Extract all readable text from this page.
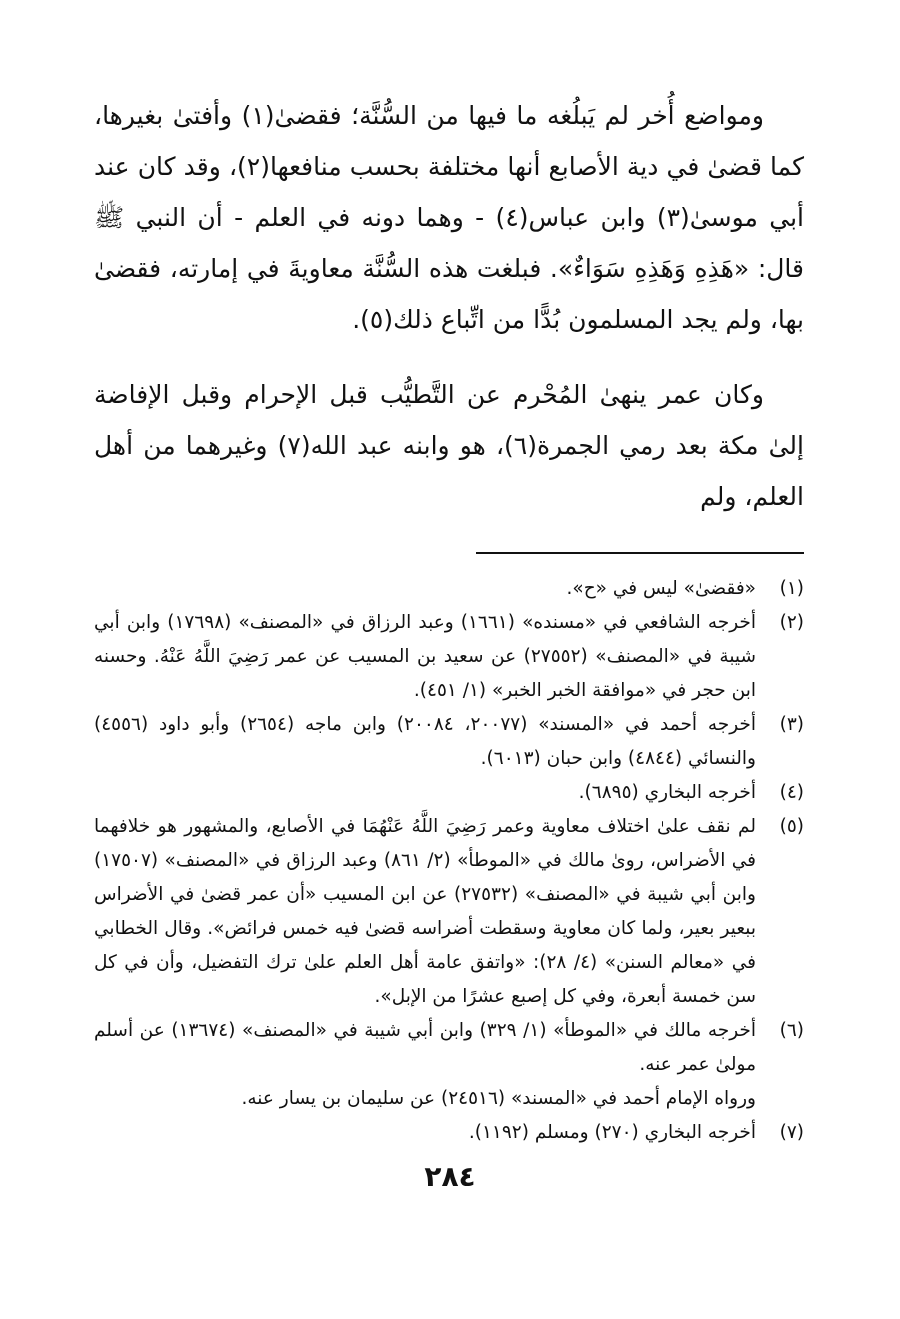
ومواضع أُخر لم يَبلُغه ما فيها من السُّنَّة؛ فقضىٰ(١) وأفتىٰ بغيرها، كما قضىٰ في دية الأصابع أنها مختلفة بحسب منافعها(٢)، وقد كان عند أبي موسىٰ(٣) وابن عباس(٤) - وهما دونه في العلم - أن النبي ﷺ قال: «هَذِهِ وَهَذِهِ سَوَاءٌ». فبلغت هذه السُّنَّة معاويةَ في إمارته، فقضىٰ بها، ولم يجد المسلمون بُدًّا من اتِّباع ذلك(٥).

وكان عمر ينهىٰ المُحْرم عن التَّطيُّب قبل الإحرام وقبل الإفاضة إلىٰ مكة بعد رمي الجمرة(٦)، هو وابنه عبد الله(٧) وغيرهما من أهل العلم، ولم

(١)
«فقضىٰ» ليس في «ح».
(٢)
أخرجه الشافعي في «مسنده» (١٦٦١) وعبد الرزاق في «المصنف» (١٧٦٩٨) وابن أبي شيبة في «المصنف» (٢٧٥٥٢) عن سعيد بن المسيب عن عمر رَضِيَ اللَّهُ عَنْهُ. وحسنه ابن حجر في «موافقة الخبر الخبر» (١/ ٤٥١).
(٣)
أخرجه أحمد في «المسند» (٢٠٠٧٧، ٢٠٠٨٤) وابن ماجه (٢٦٥٤) وأبو داود (٤٥٥٦) والنسائي (٤٨٤٤) وابن حبان (٦٠١٣).
(٤)
أخرجه البخاري (٦٨٩٥).
(٥)
لم نقف علىٰ اختلاف معاوية وعمر رَضِيَ اللَّهُ عَنْهُمَا في الأصابع، والمشهور هو خلافهما في الأضراس، روىٰ مالك في «الموطأ» (٢/ ٨٦١) وعبد الرزاق في «المصنف» (١٧٥٠٧) وابن أبي شيبة في «المصنف» (٢٧٥٣٢) عن ابن المسيب «أن عمر قضىٰ في الأضراس ببعير بعير، ولما كان معاوية وسقطت أضراسه قضىٰ فيه خمس فرائض». وقال الخطابي في «معالم السنن» (٤/ ٢٨): «واتفق عامة أهل العلم علىٰ ترك التفضيل، وأن في كل سن خمسة أبعرة، وفي كل إصبع عشرًا من الإبل».
(٦)
أخرجه مالك في «الموطأ» (١/ ٣٢٩) وابن أبي شيبة في «المصنف» (١٣٦٧٤) عن أسلم مولىٰ عمر عنه.
ورواه الإمام أحمد في «المسند» (٢٤٥١٦) عن سليمان بن يسار عنه.
(٧)
أخرجه البخاري (٢٧٠) ومسلم (١١٩٢).
٢٨٤
